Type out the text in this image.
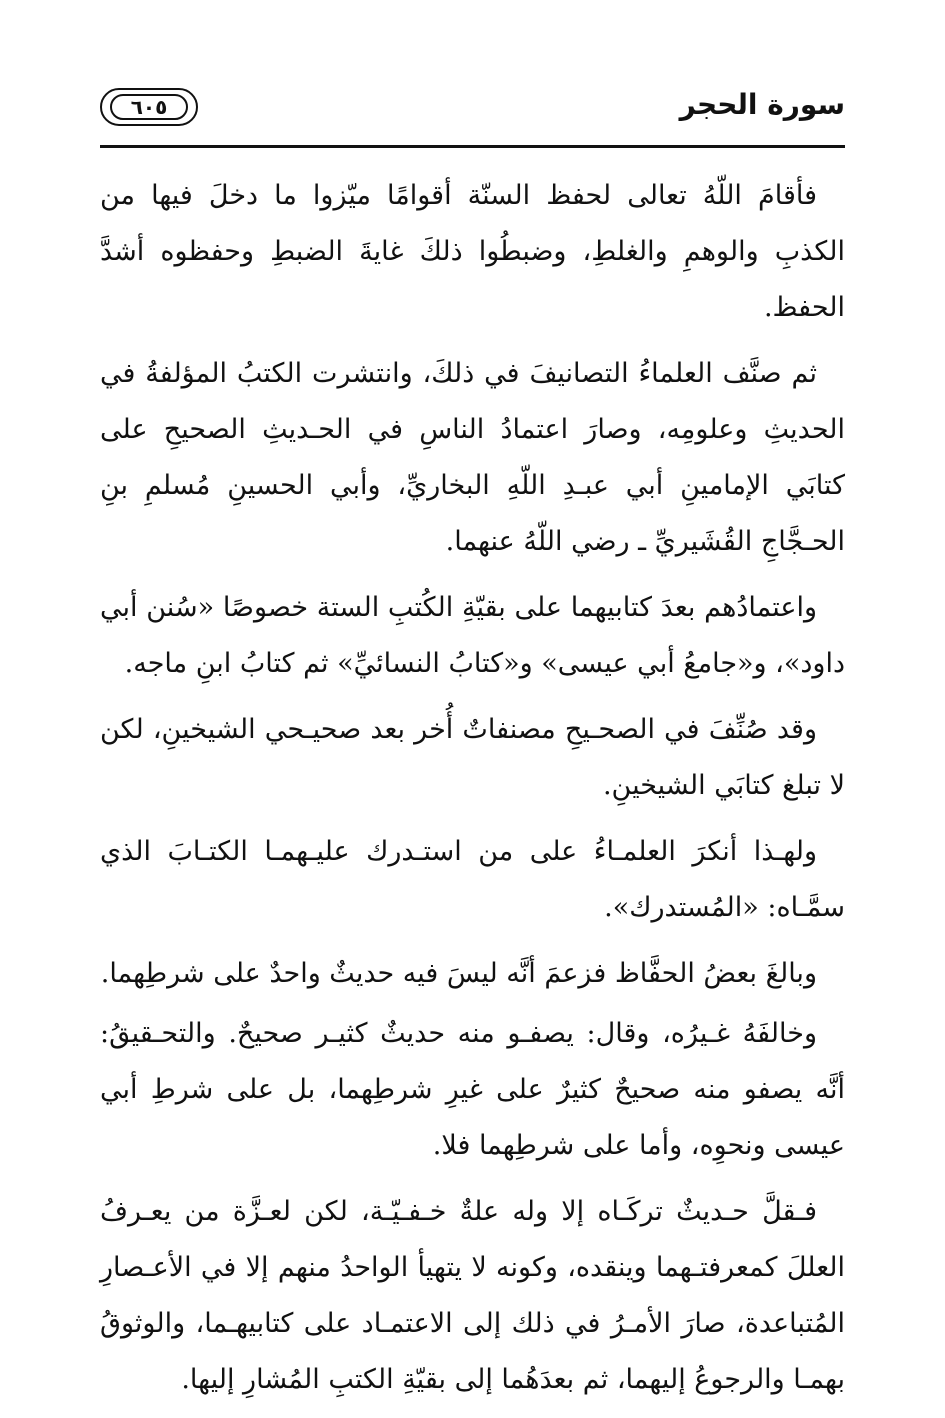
سورة الحجر
٦٠٥

فأقامَ اللّهُ تعالى لحفظ السنّة أقوامًا ميّزوا ما دخلَ فيها من الكذبِ والوهمِ والغلطِ، وضبطُوا ذلكَ غايةَ الضبطِ وحفظوه أشدَّ الحفظ.

ثم صنَّف العلماءُ التصانيفَ في ذلكَ، وانتشرت الكتبُ المؤلفةُ في الحديثِ وعلومِه، وصارَ اعتمادُ الناسِ في الحـديثِ الصحيحِ على كتابَي الإمامينِ أبي عبـدِ اللّهِ البخاريِّ، وأبي الحسينِ مُسلمِ بنِ الحـجَّاجِ القُشَيريِّ ـ رضي اللّهُ عنهما.

واعتمادُهم بعدَ كتابيهما على بقيّةِ الكُتبِ الستة خصوصًا «سُنن أبي داود»، و«جامعُ أبي عيسى» و«كتابُ النسائيِّ» ثم كتابُ ابنِ ماجه.

وقد صُنِّفَ في الصحـيحِ مصنفاتٌ أُخر بعد صحيـحي الشيخينِ، لكن لا تبلغ كتابَي الشيخينِ.

ولهـذا أنكرَ العلمـاءُ على من استـدرك عليـهمـا الكتـابَ الذي سمَّـاه: «المُستدرك».

وبالغَ بعضُ الحفَّاظ فزعمَ أنَّه ليسَ فيه حديثٌ واحدٌ على شرطِهما.

وخالفَهُ غـيرُه، وقال: يصفـو منه حديثٌ كثيـر صحيحٌ. والتحـقيقُ: أنَّه يصفو منه صحيحٌ كثيرٌ على غيرِ شرطِهما، بل على شرطِ أبي عيسى ونحوِه، وأما على شرطِهما فلا.

فـقلَّ حـديثٌ تركَـاه إلا وله علةٌ خـفـيّـة، لكن لعـزَّة من يعـرفُ العللَ كمعرفتـهما وينقده، وكونه لا يتهيأ الواحدُ منهم إلا في الأعـصارِ المُتباعدة، صارَ الأمـرُ في ذلك إلى الاعتمـاد على كتابيهـما، والوثوقُ بهمـا والرجوعُ إليهما، ثم بعدَهُما إلى بقيّةِ الكتبِ المُشارِ إليها.
